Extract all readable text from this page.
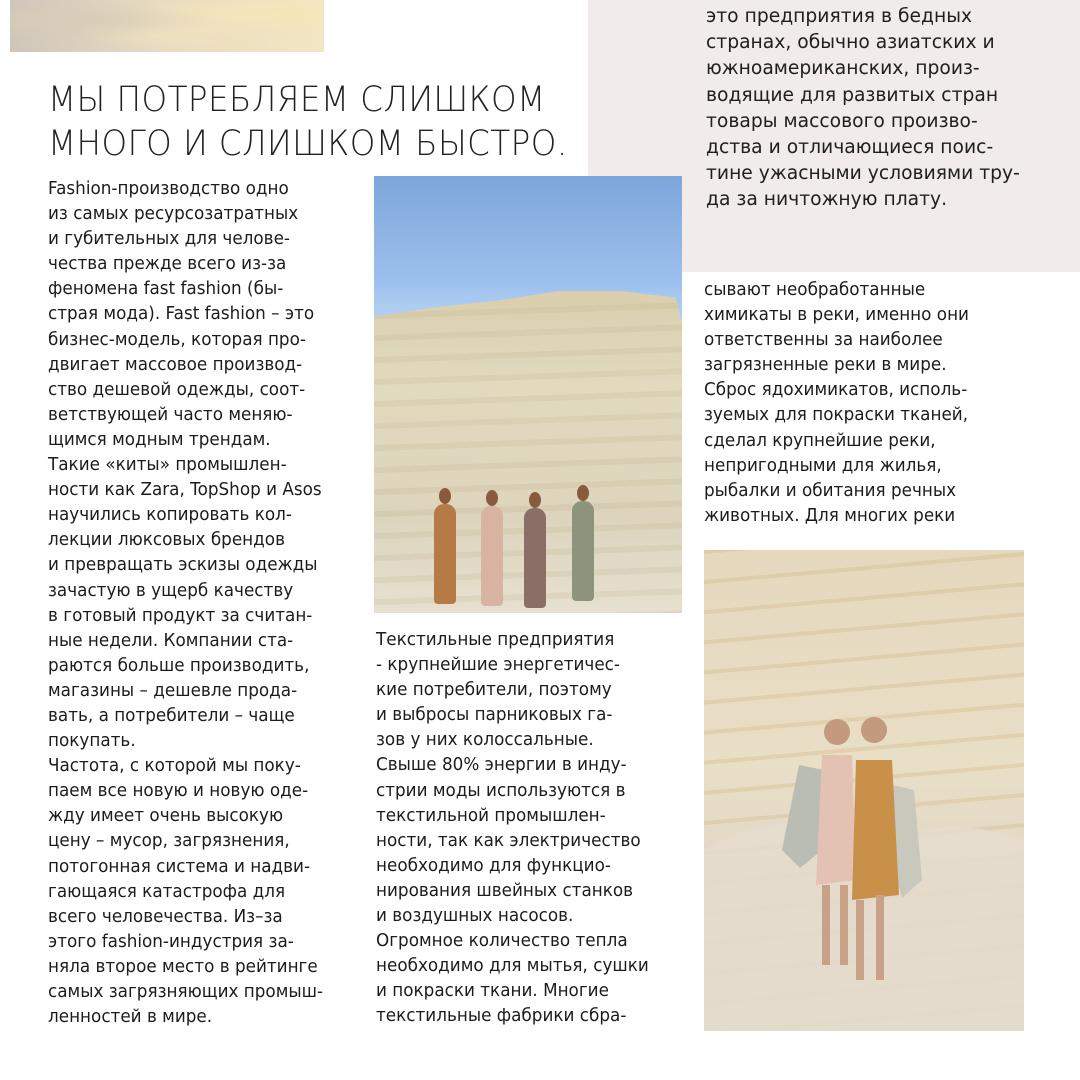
это предприятия в бедных
странах, обычно азиатских и
южноамериканских, произ-
водящие для развитых стран
товары массового произво-
дства и отличающиеся поис-
тине ужасными условиями тру-
да за ничтожную плату.
МЫ ПОТРЕБЛЯЕМ СЛИШКОМ
МНОГО И СЛИШКОМ БЫСТРО.
Fashion-производство одно
из самых ресурсозатратных
и губительных для челове-
чества прежде всего из-за
феномена fast fashion (бы-
страя мода). Fast fashion – это
бизнес-модель, которая про-
двигает массовое производ-
ство дешевой одежды, соот-
ветствующей часто меняю-
щимся модным трендам.
Такие «киты» промышлен-
ности как Zara, TopShop и Asos
научились копировать кол-
лекции люксовых брендов
и превращать эскизы одежды
зачастую в ущерб качеству
в готовый продукт за считан-
ные недели. Компании ста-
раются больше производить,
магазины – дешевле прода-
вать, а потребители – чаще
покупать.
Частота, с которой мы поку-
паем все новую и новую оде-
жду имеет очень высокую
цену – мусор, загрязнения,
потогонная система и надви-
гающаяся катастрофа для
всего человечества. Из–за
этого fashion-индустрия за-
няла второе место в рейтинге
самых загрязняющих промыш-
ленностей в мире.
Текстильные предприятия
- крупнейшие энергетичес-
кие потребители, поэтому
и выбросы парниковых га-
зов у них колоссальные.
Свыше 80% энергии в инду-
стрии моды используются в
текстильной промышлен-
ности, так как электричество
необходимо для функцио-
нирования швейных станков
и воздушных насосов.
Огромное количество тепла
необходимо для мытья, сушки
и покраски ткани. Многие
текстильные фабрики сбра-
сывают необработанные
химикаты в реки, именно они
ответственны за наиболее
загрязненные реки в мире.
Сброс ядохимикатов, исполь-
зуемых для покраски тканей,
сделал крупнейшие реки,
непригодными для жилья,
рыбалки и обитания речных
животных. Для многих реки
